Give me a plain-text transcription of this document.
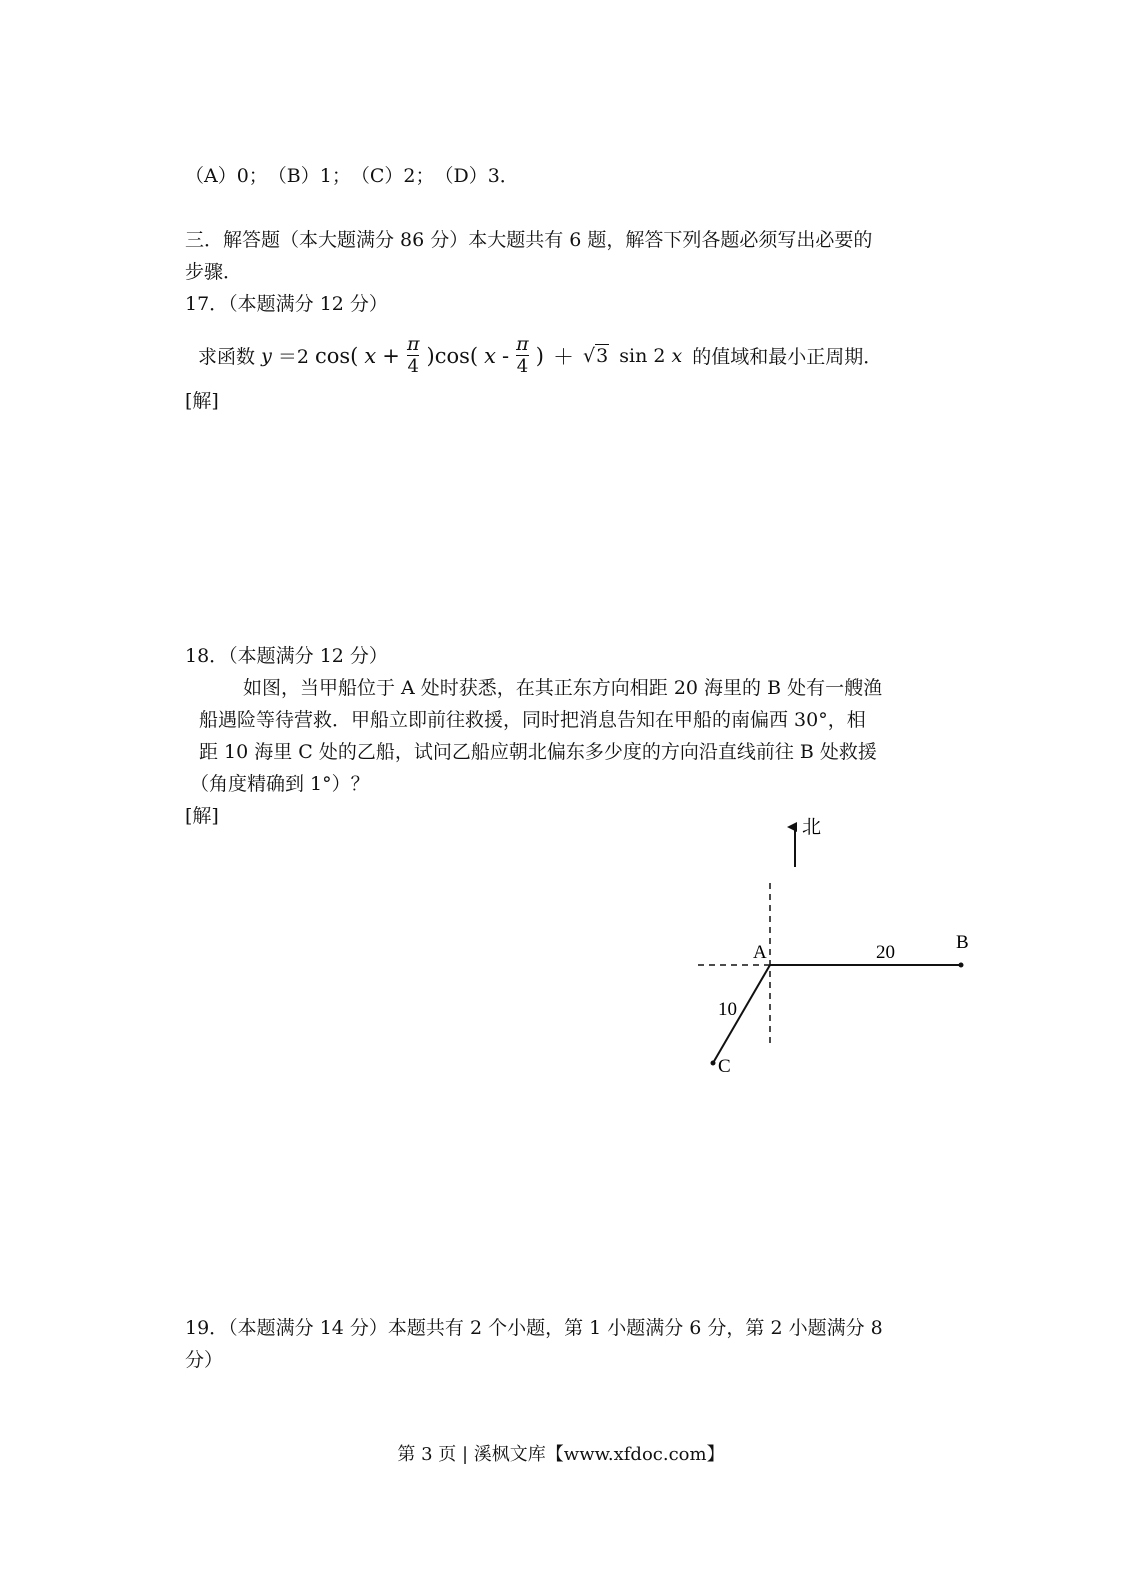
（A）0；　（B）1；　（C）2；　（D）3．
三．解答题（本大题满分 86 分）本大题共有 6 题，解答下列各题必须写出必要的
步骤．
17．（本题满分 12 分）
求函数 y ＝2 cos( $x + \frac{\pi}{4} )\cos$( x - $\frac{\pi}{4}$ ) ＋ √3 sin 2 x 的值域和最小正周期．
[解]
18．（本题满分 12 分）
如图，当甲船位于 A 处时获悉，在其正东方向相距 20 海里的 B 处有一艘渔
船遇险等待营救．甲船立即前往救援，同时把消息告知在甲船的南偏西 30°，相
距 10 海里 C 处的乙船，试问乙船应朝北偏东多少度的方向沿直线前往 B 处救援
（角度精确到 1°）？
[解]	北
A	B
C
20
10
19．（本题满分 14 分）本题共有 2 个小题，第 1 小题满分 6 分，第 2 小题满分 8
分）
第 3 页 | 溪枫文库【www.xfdoc.com】
